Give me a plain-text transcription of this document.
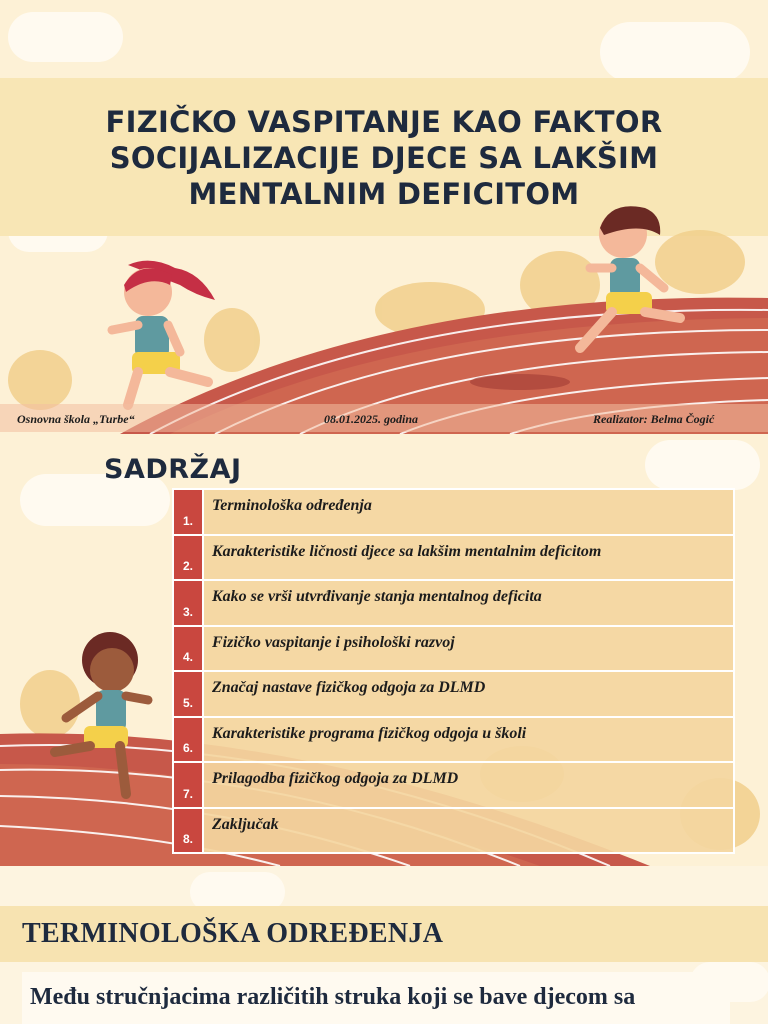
FIZIČKO VASPITANJE KAO FAKTOR SOCIJALIZACIJE DJECE SA LAKŠIM MENTALNIM DEFICITOM
Osnovna škola „Turbe“	08.01.2025. godina	Realizator: Belma Čogić
SADRŽAJ
1.	Terminološka određenja
2.	Karakteristike ličnosti djece sa lakšim mentalnim deficitom
3.	Kako se vrši utvrđivanje stanja mentalnog deficita
4.	Fizičko vaspitanje i psihološki razvoj
5.	Značaj nastave fizičkog odgoja za DLMD
6.	Karakteristike programa fizičkog odgoja u školi
7.	Prilagodba fizičkog odgoja za DLMD
8.	Zaključak
TERMINOLOŠKA ODREĐENJA

Među stručnjacima različitih struka koji se bave djecom sa
